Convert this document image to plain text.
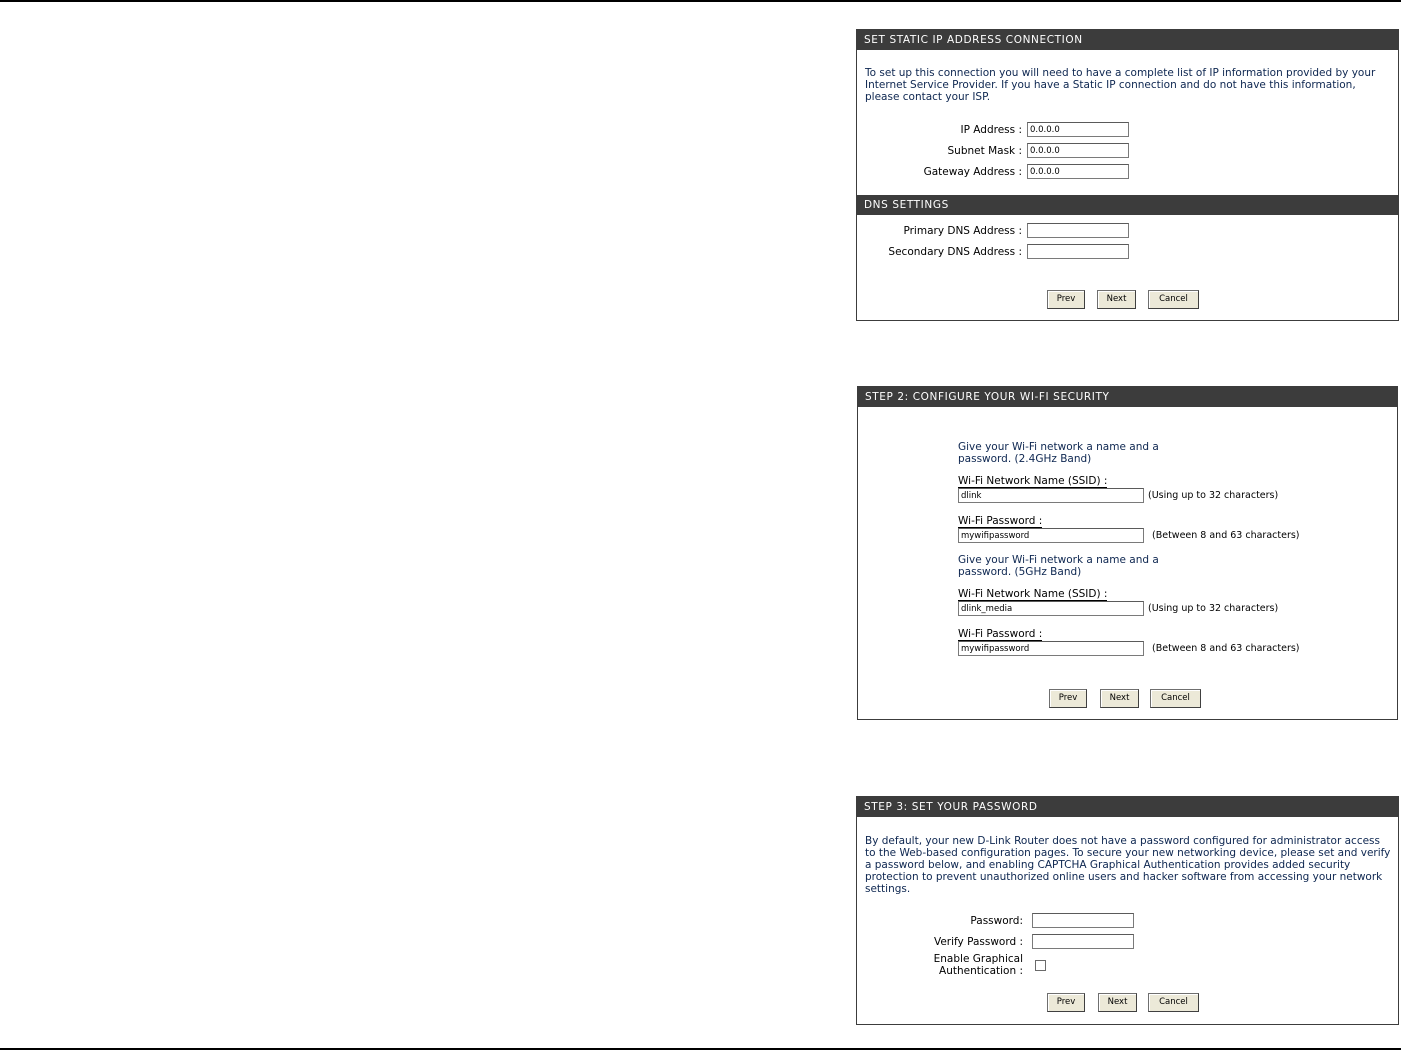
SET STATIC IP ADDRESS CONNECTION
To set up this connection you will need to have a complete list of IP information provided by your Internet Service Provider. If you have a Static IP connection and do not have this information, please contact your ISP.
IP Address :
0.0.0.0
Subnet Mask :
0.0.0.0
Gateway Address :
0.0.0.0
DNS SETTINGS
Primary DNS Address :
Secondary DNS Address :
Prev	Next	Cancel
STEP 2: CONFIGURE YOUR WI-FI SECURITY
Give your Wi-Fi network a name and a password. (2.4GHz Band)
Wi-Fi Network Name (SSID) :
dlink
(Using up to 32 characters)
Wi-Fi Password :
mywifipassword
(Between 8 and 63 characters)
Give your Wi-Fi network a name and a password. (5GHz Band)
Wi-Fi Network Name (SSID) :
dlink_media
(Using up to 32 characters)
Wi-Fi Password :
mywifipassword
(Between 8 and 63 characters)
Prev	Next	Cancel
STEP 3: SET YOUR PASSWORD
By default, your new D-Link Router does not have a password configured for administrator access to the Web-based configuration pages. To secure your new networking device, please set and verify a password below, and enabling CAPTCHA Graphical Authentication provides added security protection to prevent unauthorized online users and hacker software from accessing your network settings.
Password:
Verify Password :
Enable Graphical
Authentication :
Prev	Next	Cancel
